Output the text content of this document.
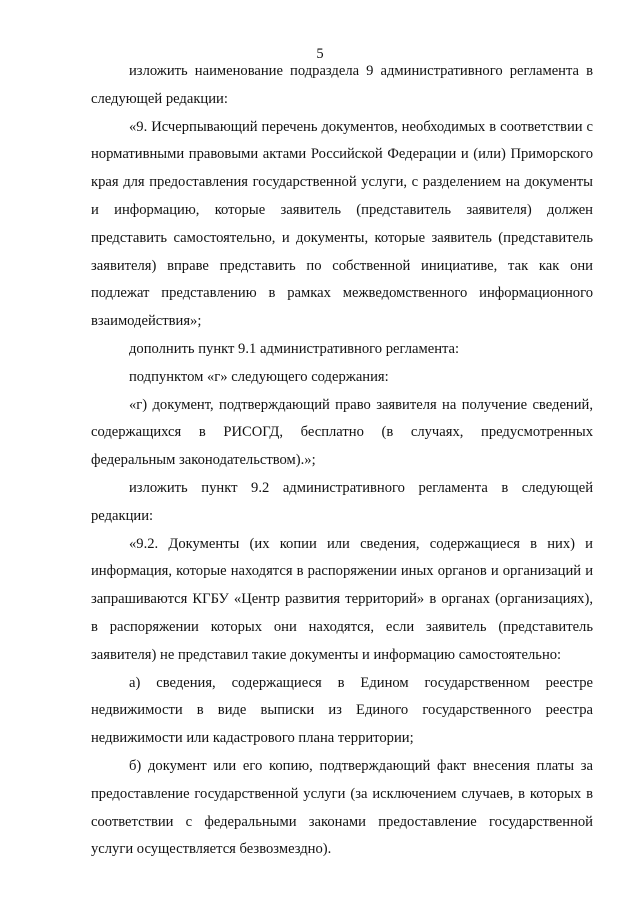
5

изложить наименование подраздела 9 административного регламента в следующей редакции:

«9. Исчерпывающий перечень документов, необходимых в соответствии с нормативными правовыми актами Российской Федерации и (или) Приморского края для предоставления государственной услуги, с разделением на документы и информацию, которые заявитель (представитель заявителя) должен представить самостоятельно, и документы, которые заявитель (представитель заявителя) вправе представить по собственной инициативе, так как они подлежат представлению в рамках межведомственного информационного взаимодействия»;

дополнить пункт 9.1 административного регламента:

подпунктом «г» следующего содержания:

«г) документ, подтверждающий право заявителя на получение сведений, содержащихся в РИСОГД, бесплатно (в случаях, предусмотренных федеральным законодательством).»;

изложить пункт 9.2 административного регламента в следующей редакции:

«9.2. Документы (их копии или сведения, содержащиеся в них) и информация, которые находятся в распоряжении иных органов и организаций и запрашиваются КГБУ «Центр развития территорий» в органах (организациях), в распоряжении которых они находятся, если заявитель (представитель заявителя) не представил такие документы и информацию самостоятельно:

а) сведения, содержащиеся в Едином государственном реестре недвижимости в виде выписки из Единого государственного реестра недвижимости или кадастрового плана территории;

б) документ или его копию, подтверждающий факт внесения платы за предоставление государственной услуги (за исключением случаев, в которых в соответствии с федеральными законами предоставление государственной услуги осуществляется безвозмездно).
